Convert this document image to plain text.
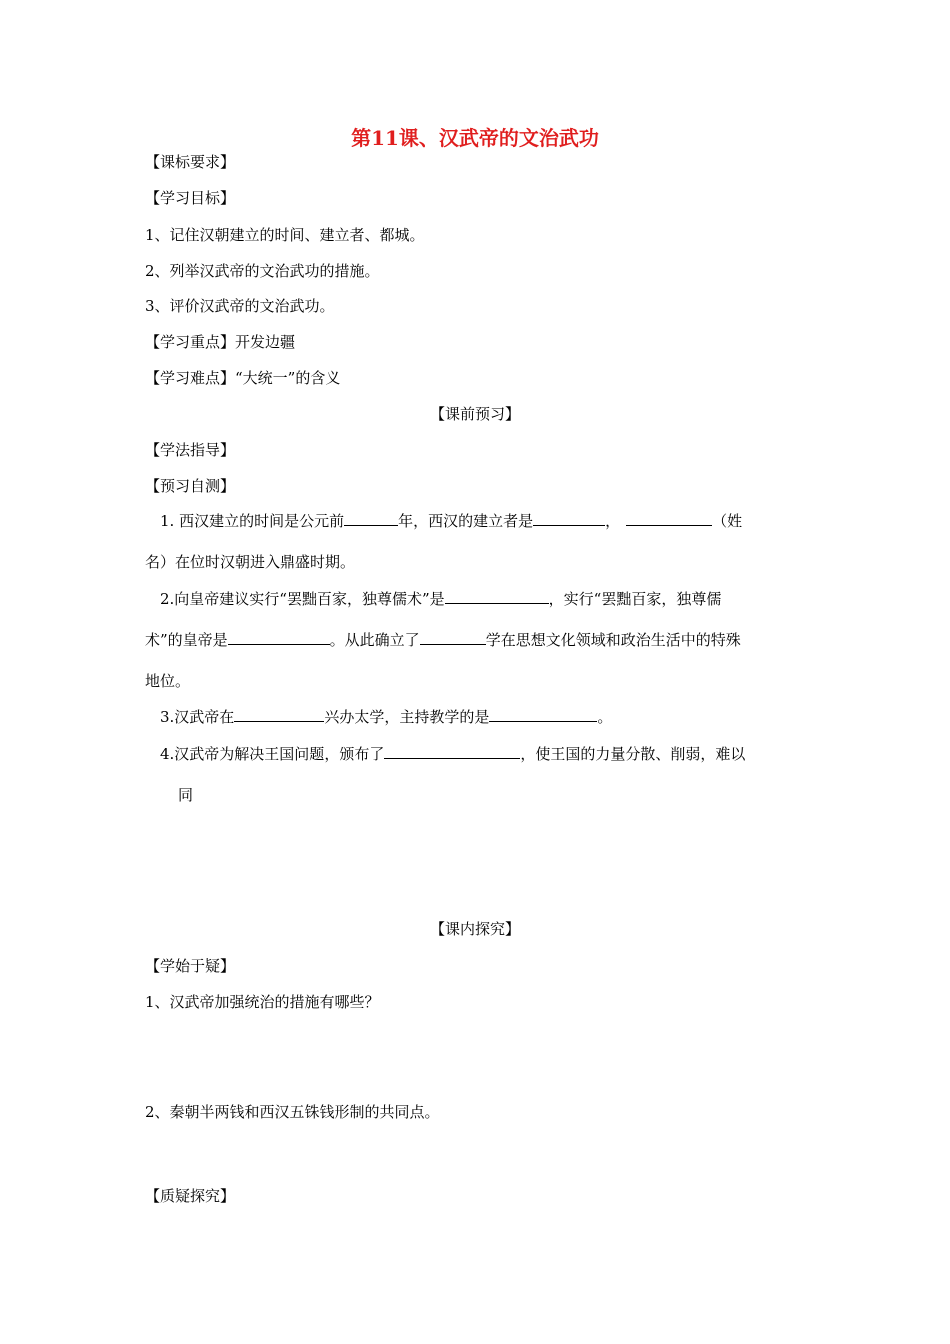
第11课、汉武帝的文治武功
【课标要求】
【学习目标】
1、记住汉朝建立的时间、建立者、都城。
2、列举汉武帝的文治武功的措施。
3、评价汉武帝的文治武功。
【学习重点】开发边疆
【学习难点】“大统一”的含义
【课前预习】
【学法指导】
【预习自测】
1. 西汉建立的时间是公元前	年，西汉的建立者是	，	（姓
名）在位时汉朝进入鼎盛时期。
2.向皇帝建议实行“罢黜百家，独尊儒术”是	，实行“罢黜百家，独尊儒
术”的皇帝是	。从此确立了	学在思想文化领域和政治生活中的特殊
地位。
3.汉武帝在	兴办太学，主持教学的是	。
4.汉武帝为解决王国问题，颁布了	，使王国的力量分散、削弱，难以
同
【课内探究】
【学始于疑】
1、汉武帝加强统治的措施有哪些？
2、秦朝半两钱和西汉五铢钱形制的共同点。
【质疑探究】
